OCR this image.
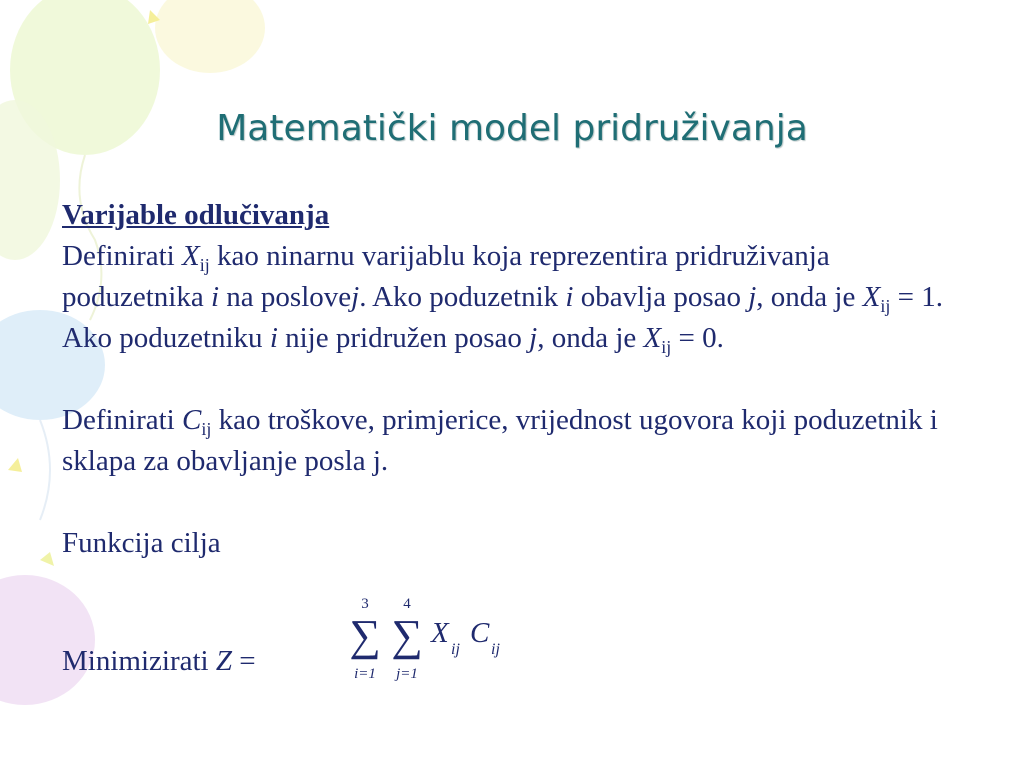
Matematički model pridruživanja

Varijable odlučivanja

Definirati $X_{ij}$ kao ninarnu varijablu koja reprezentira pridruživanja poduzetnika i na poslovej. Ako poduzetnik i obavlja posao j, onda je $X_{ij} = 1$. Ako poduzetniku i nije pridružen posao j, onda je $X_{ij} = 0$.

Definirati $C_{ij}$ kao troškove, primjerice, vrijednost ugovora koji poduzetnik i sklapa za obavljanje posla j.

Funkcija cilja

Minimizirati Z =
3
∑
i=1
4
∑
j=1
X
ij
C
ij
